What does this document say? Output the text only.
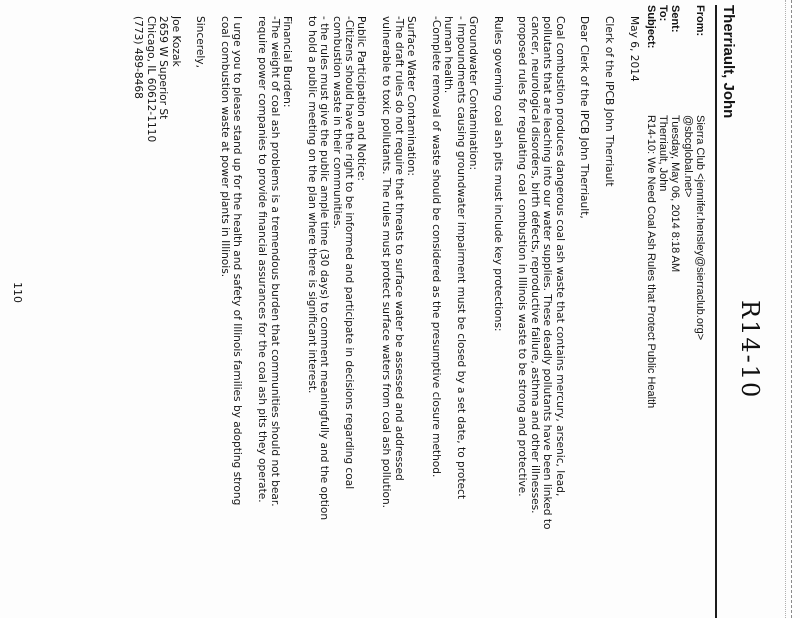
R14-10
Therriault, John
From:
Sierra Club <jennifer.hensley@sierraclub.org>
@sbcglobal.net>
Sent:
Tuesday, May 06, 2014 8:18 AM
To:
Therriault, John
Subject:
R14-10: We Need Coal Ash Rules that Protect Public Health
May 6, 2014
Clerk of the IPCB John Therriault
Dear Clerk of the IPCB John Therriault,
Coal combustion produces dangerous coal ash waste that contains mercury, arsenic, lead,
pollutants that are leaching into our water supplies. These deadly pollutants have been linked to
cancer, neurological disorders, birth defects, reproductive failure, asthma and other illnesses.
proposed rules for regulating coal combustion in Illinois waste to be strong and protective.
Rules governing coal ash pits must include key protections:
Groundwater Contamination:
- Impoundments causing groundwater impairment must be closed by a set date, to protect
human health.
-Complete removal of waste should be considered as the presumptive closure method.
Surface Water Contamination:
-The draft rules do not require that threats to surface water be assessed and addressed
vulnerable to toxic pollutants. The rules must protect surface waters from coal ash pollution.
Public Participation and Notice:
-Citizens should have the right to be informed and participate in decisions regarding coal
combustion waste in their communities.
- the rules must give the public ample time (30 days) to comment meaningfully and the option
to hold a public meeting on the plan where there is significant interest.
Financial Burden:
-The weight of coal ash problems is a tremendous burden that communities should not bear.
require power companies to provide financial assurances for the coal ash pits they operate.
I urge you to please stand up for the health and safety of Illinois families by adopting strong
coal combustion waste at power plants in Illinois.
Sincerely,
Joe Kozak
2659 W Superior St
Chicago, IL 60612-1110
(773) 489-8468
110
